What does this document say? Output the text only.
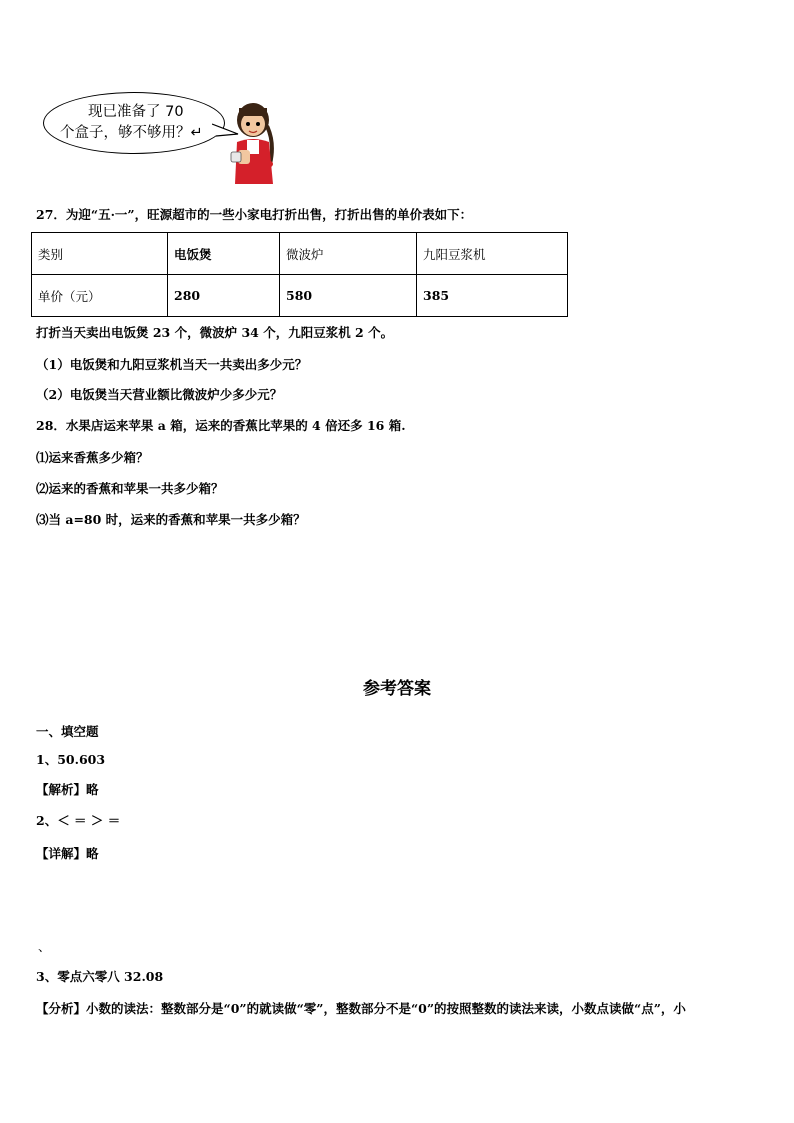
现已准备了 70
个盒子，够不够用？↵
27．为迎“五·一”，旺源超市的一些小家电打折出售，打折出售的单价表如下：
类别	电饭煲	微波炉	九阳豆浆机
单价（元）	280	580	385
打折当天卖出电饭煲 23 个，微波炉 34 个，九阳豆浆机 2 个。
（1）电饭煲和九阳豆浆机当天一共卖出多少元？
（2）电饭煲当天营业额比微波炉少多少元？
28．水果店运来苹果 a 箱，运来的香蕉比苹果的 4 倍还多 16 箱.
⑴运来香蕉多少箱？
⑵运来的香蕉和苹果一共多少箱？
⑶当 a=80 时，运来的香蕉和苹果一共多少箱？
参考答案
一、填空题
1、50.603
【解析】略
2、＜ ＝ ＞ ＝
【详解】略
、
3、零点六零八 32.08
【分析】小数的读法：整数部分是“0”的就读做“零”，整数部分不是“0”的按照整数的读法来读，小数点读做“点”，小
